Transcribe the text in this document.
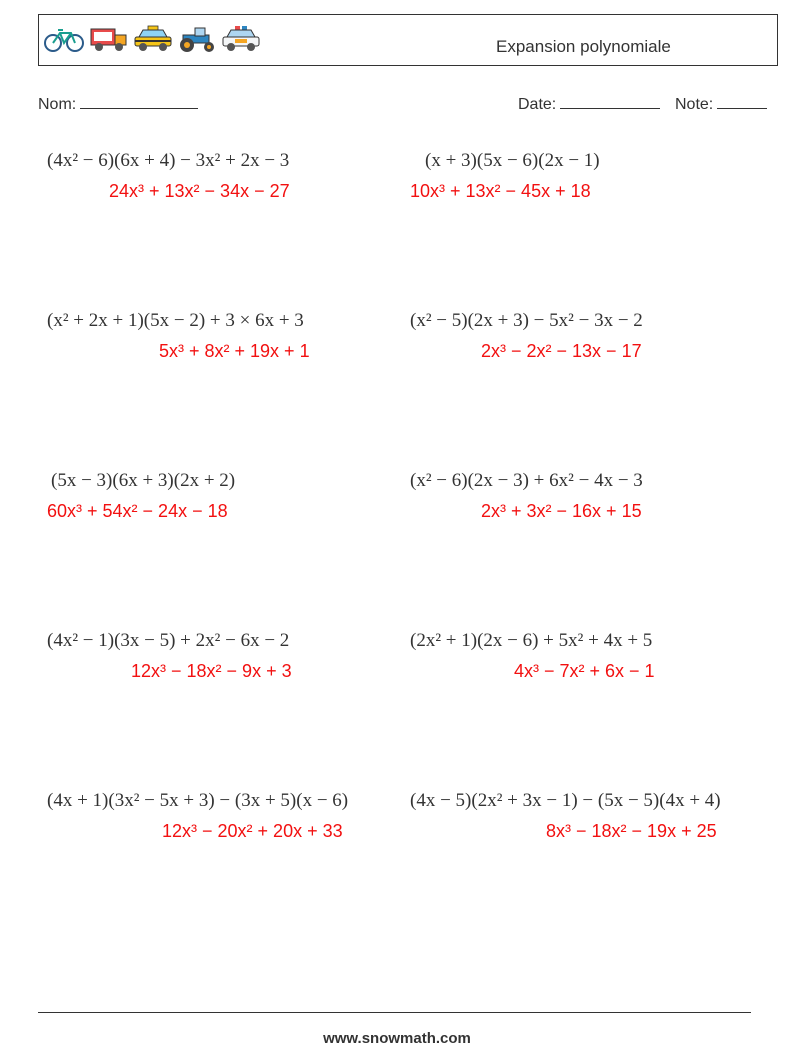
Expansion polynomiale
Nom:	Date:	Note:
(4x² − 6)(6x + 4) − 3x² + 2x − 3
24x³ + 13x² − 34x − 27
(x + 3)(5x − 6)(2x − 1)
10x³ + 13x² − 45x + 18
(x² + 2x + 1)(5x − 2) + 3 × 6x + 3
5x³ + 8x² + 19x + 1
(x² − 5)(2x + 3) − 5x² − 3x − 2
2x³ − 2x² − 13x − 17
(5x − 3)(6x + 3)(2x + 2)
60x³ + 54x² − 24x − 18
(x² − 6)(2x − 3) + 6x² − 4x − 3
2x³ + 3x² − 16x + 15
(4x² − 1)(3x − 5) + 2x² − 6x − 2
12x³ − 18x² − 9x + 3
(2x² + 1)(2x − 6) + 5x² + 4x + 5
4x³ − 7x² + 6x − 1
(4x + 1)(3x² − 5x + 3) − (3x + 5)(x − 6)
12x³ − 20x² + 20x + 33
(4x − 5)(2x² + 3x − 1) − (5x − 5)(4x + 4)
8x³ − 18x² − 19x + 25
www.snowmath.com
